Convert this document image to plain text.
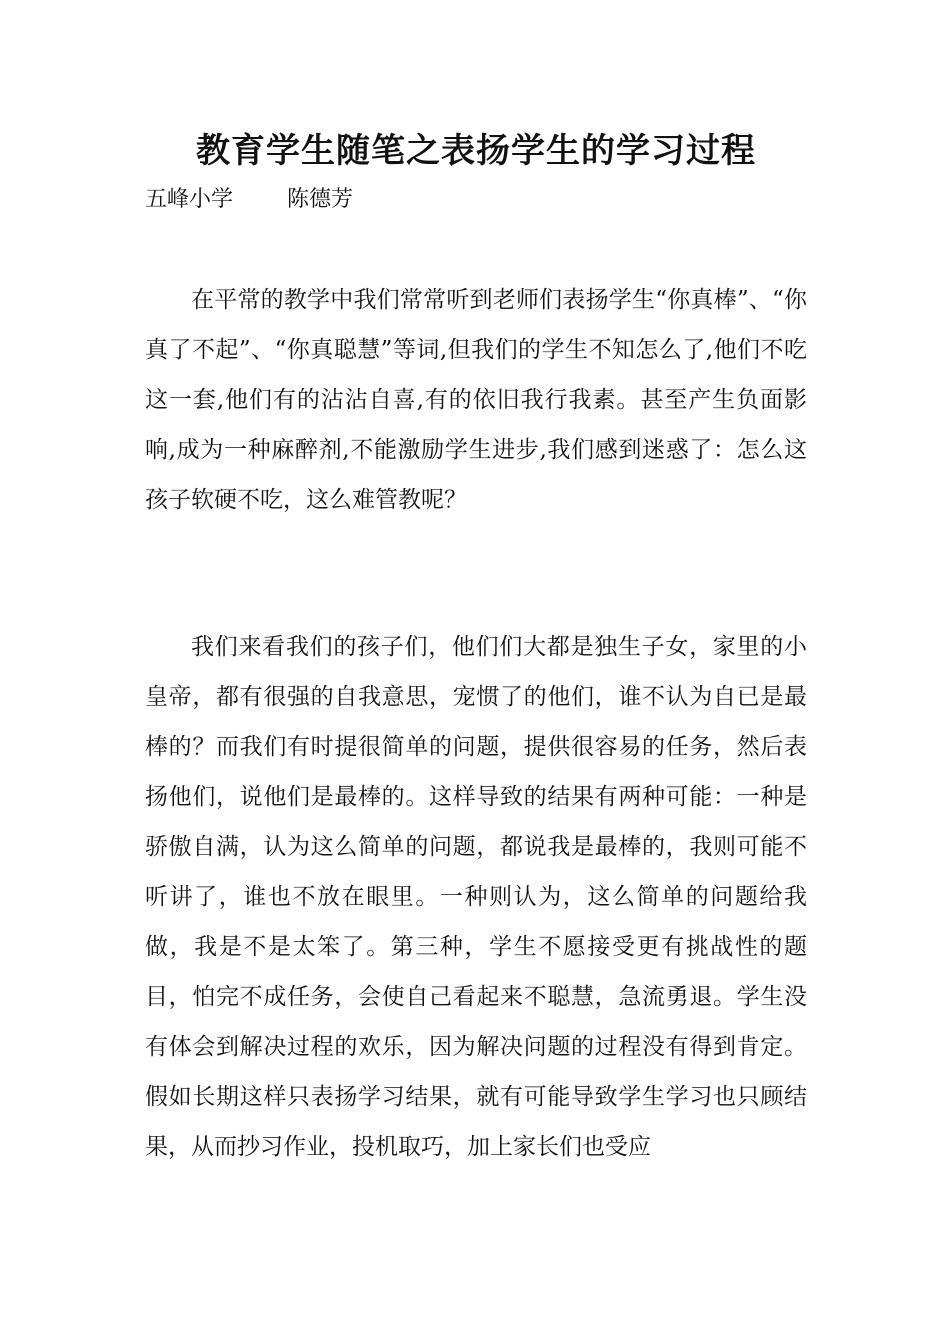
教育学生随笔之表扬学生的学习过程
五峰小学 陈德芳

在平常的教学中我们常常听到老师们表扬学生“你真棒”、“你真了不起”、“你真聪慧”等词,但我们的学生不知怎么了,他们不吃这一套,他们有的沾沾自喜,有的依旧我行我素。甚至产生负面影响,成为一种麻醉剂,不能激励学生进步,我们感到迷惑了：怎么这孩子软硬不吃，这么难管教呢？

我们来看我们的孩子们，他们们大都是独生子女，家里的小皇帝，都有很强的自我意思，宠惯了的他们，谁不认为自已是最棒的？而我们有时提很简单的问题，提供很容易的任务，然后表扬他们，说他们是最棒的。这样导致的结果有两种可能：一种是骄傲自满，认为这么简单的问题，都说我是最棒的，我则可能不听讲了，谁也不放在眼里。一种则认为，这么简单的问题给我做，我是不是太笨了。第三种，学生不愿接受更有挑战性的题目，怕完不成任务，会使自己看起来不聪慧，急流勇退。学生没有体会到解决过程的欢乐，因为解决问题的过程没有得到肯定。假如长期这样只表扬学习结果，就有可能导致学生学习也只顾结果，从而抄习作业，投机取巧，加上家长们也受应
